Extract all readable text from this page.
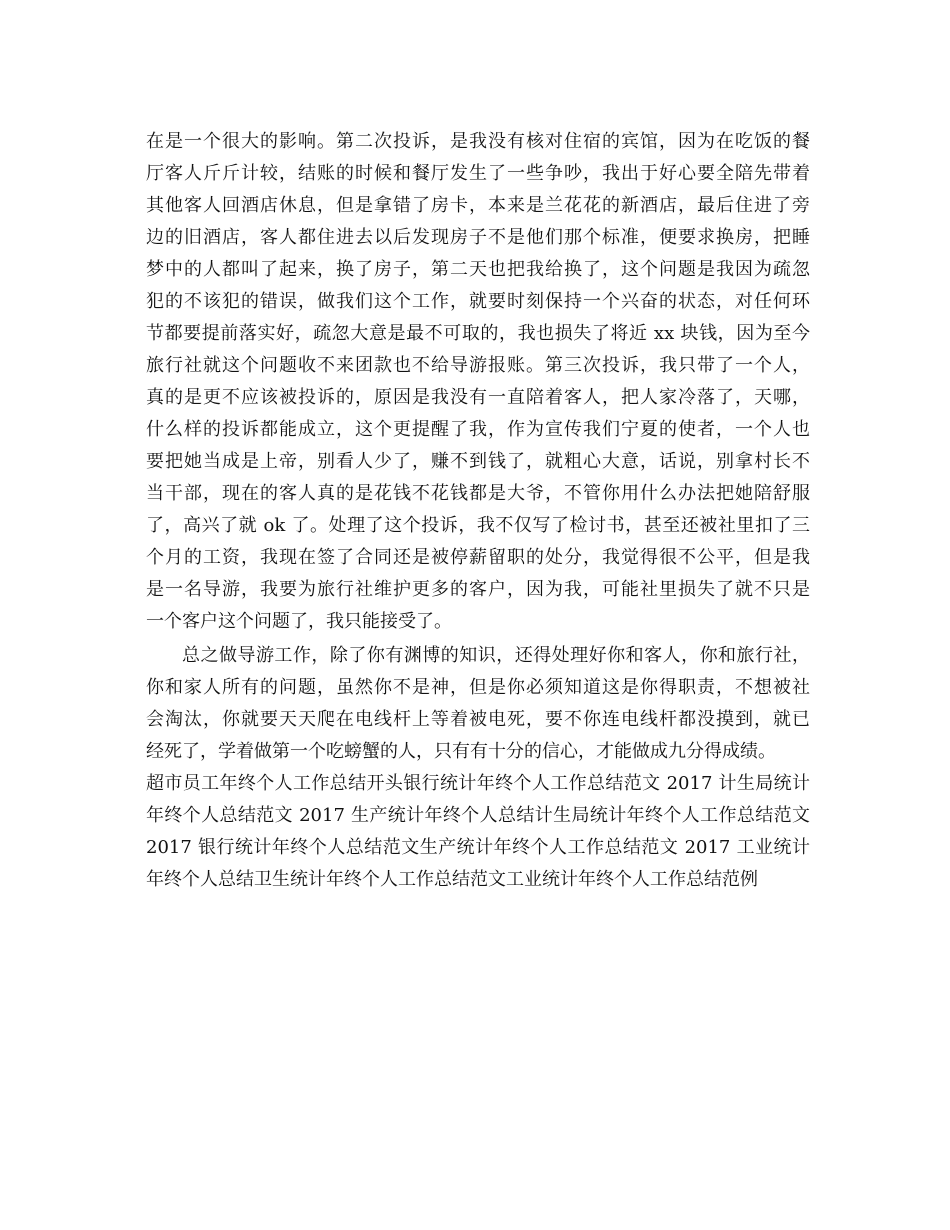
在是一个很大的影响。第二次投诉，是我没有核对住宿的宾馆，因为在吃饭的餐
厅客人斤斤计较，结账的时候和餐厅发生了一些争吵，我出于好心要全陪先带着
其他客人回酒店休息，但是拿错了房卡，本来是兰花花的新酒店，最后住进了旁
边的旧酒店，客人都住进去以后发现房子不是他们那个标准，便要求换房，把睡
梦中的人都叫了起来，换了房子，第二天也把我给换了，这个问题是我因为疏忽
犯的不该犯的错误，做我们这个工作，就要时刻保持一个兴奋的状态，对任何环
节都要提前落实好，疏忽大意是最不可取的，我也损失了将近 xx 块钱，因为至今
旅行社就这个问题收不来团款也不给导游报账。第三次投诉，我只带了一个人，
真的是更不应该被投诉的，原因是我没有一直陪着客人，把人家冷落了，天哪，
什么样的投诉都能成立，这个更提醒了我，作为宣传我们宁夏的使者，一个人也
要把她当成是上帝，别看人少了，赚不到钱了，就粗心大意，话说，别拿村长不
当干部，现在的客人真的是花钱不花钱都是大爷，不管你用什么办法把她陪舒服
了，高兴了就 ok 了。处理了这个投诉，我不仅写了检讨书，甚至还被社里扣了三
个月的工资，我现在签了合同还是被停薪留职的处分，我觉得很不公平，但是我
是一名导游，我要为旅行社维护更多的客户，因为我，可能社里损失了就不只是
一个客户这个问题了，我只能接受了。
总之做导游工作，除了你有渊博的知识，还得处理好你和客人，你和旅行社，
你和家人所有的问题，虽然你不是神，但是你必须知道这是你得职责，不想被社
会淘汰，你就要天天爬在电线杆上等着被电死，要不你连电线杆都没摸到，就已
经死了，学着做第一个吃螃蟹的人，只有有十分的信心，才能做成九分得成绩。
超市员工年终个人工作总结开头银行统计年终个人工作总结范文 2017 计生局统计
年终个人总结范文 2017 生产统计年终个人总结计生局统计年终个人工作总结范文
2017 银行统计年终个人总结范文生产统计年终个人工作总结范文 2017 工业统计
年终个人总结卫生统计年终个人工作总结范文工业统计年终个人工作总结范例
